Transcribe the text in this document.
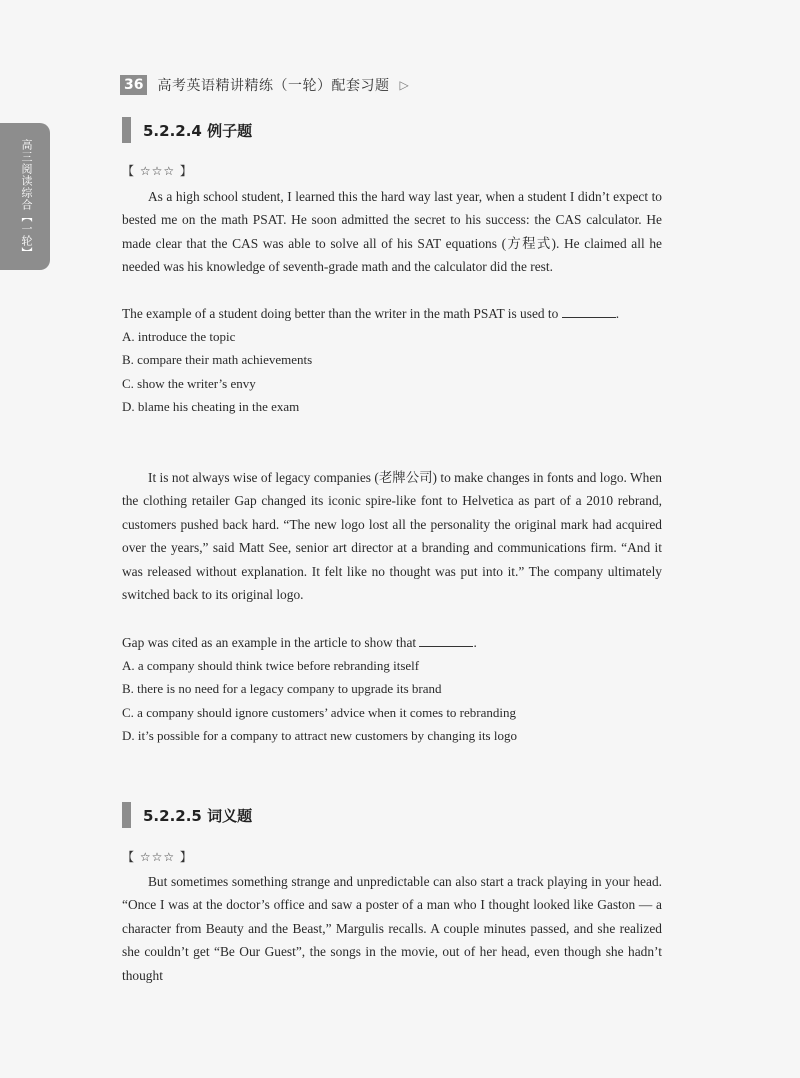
高三阅读综合【一轮】
36 高考英语精讲精练（一轮）配套习题 ▷
5.2.2.4 例子题
【 ☆☆☆ 】

As a high school student, I learned this the hard way last year, when a student I didn’t expect to bested me on the math PSAT. He soon admitted the secret to his success: the CAS calculator. He made clear that the CAS was able to solve all of his SAT equations (方程式). He claimed all he needed was his knowledge of seventh-grade math and the calculator did the rest.

The example of a student doing better than the writer in the math PSAT is used to	.
A. introduce the topic
B. compare their math achievements
C. show the writer’s envy
D. blame his cheating in the exam

It is not always wise of legacy companies (老牌公司) to make changes in fonts and logo. When the clothing retailer Gap changed its iconic spire-like font to Helvetica as part of a 2010 rebrand, customers pushed back hard. “The new logo lost all the personality the original mark had acquired over the years,” said Matt See, senior art director at a branding and communications firm. “And it was released without explanation. It felt like no thought was put into it.” The company ultimately switched back to its original logo.

Gap was cited as an example in the article to show that	.
A. a company should think twice before rebranding itself
B. there is no need for a legacy company to upgrade its brand
C. a company should ignore customers’ advice when it comes to rebranding
D. it’s possible for a company to attract new customers by changing its logo
5.2.2.5 词义题
【 ☆☆☆ 】

But sometimes something strange and unpredictable can also start a track playing in your head. “Once I was at the doctor’s office and saw a poster of a man who I thought looked like Gaston — a character from Beauty and the Beast,” Margulis recalls. A couple minutes passed, and she realized she couldn’t get “Be Our Guest”, the songs in the movie, out of her head, even though she hadn’t thought
